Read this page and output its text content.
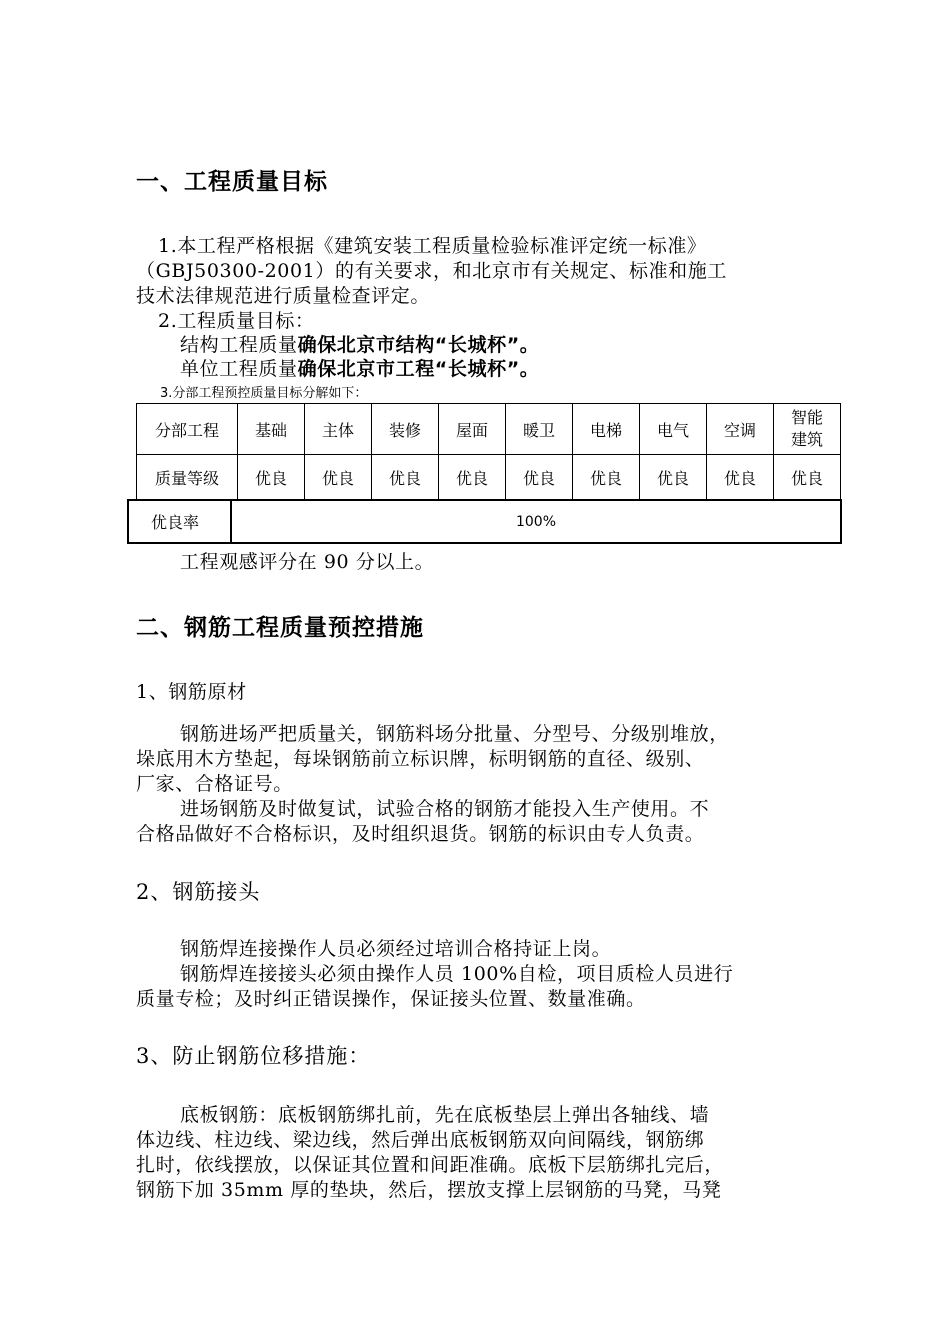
一、工程质量目标
1.本工程严格根据《建筑安装工程质量检验标准评定统一标准》
（GBJ50300-2001）的有关要求，和北京市有关规定、标准和施工
技术法律规范进行质量检查评定。
2.工程质量目标：
结构工程质量确保北京市结构“长城杯”。
单位工程质量确保北京市工程“长城杯”。
3.分部工程预控质量目标分解如下：
分部工程	基础	主体	装修	屋面	暖卫	电梯	电气	空调	智能
建筑

质量等级	优良	优良	优良	优良	优良	优良	优良	优良	优良
优良率	100%
工程观感评分在 90 分以上。
二、钢筋工程质量预控措施
1、钢筋原材
钢筋进场严把质量关，钢筋料场分批量、分型号、分级别堆放，
垛底用木方垫起，每垛钢筋前立标识牌，标明钢筋的直径、级别、
厂家、合格证号。
进场钢筋及时做复试，试验合格的钢筋才能投入生产使用。不
合格品做好不合格标识，及时组织退货。钢筋的标识由专人负责。
2、钢筋接头
钢筋焊连接操作人员必须经过培训合格持证上岗。
钢筋焊连接接头必须由操作人员 100%自检，项目质检人员进行
质量专检；及时纠正错误操作，保证接头位置、数量准确。
3、防止钢筋位移措施：
底板钢筋：底板钢筋绑扎前，先在底板垫层上弹出各轴线、墙
体边线、柱边线、梁边线，然后弹出底板钢筋双向间隔线，钢筋绑
扎时，依线摆放，以保证其位置和间距准确。底板下层筋绑扎完后，
钢筋下加 35mm 厚的垫块，然后，摆放支撑上层钢筋的马凳，马凳
